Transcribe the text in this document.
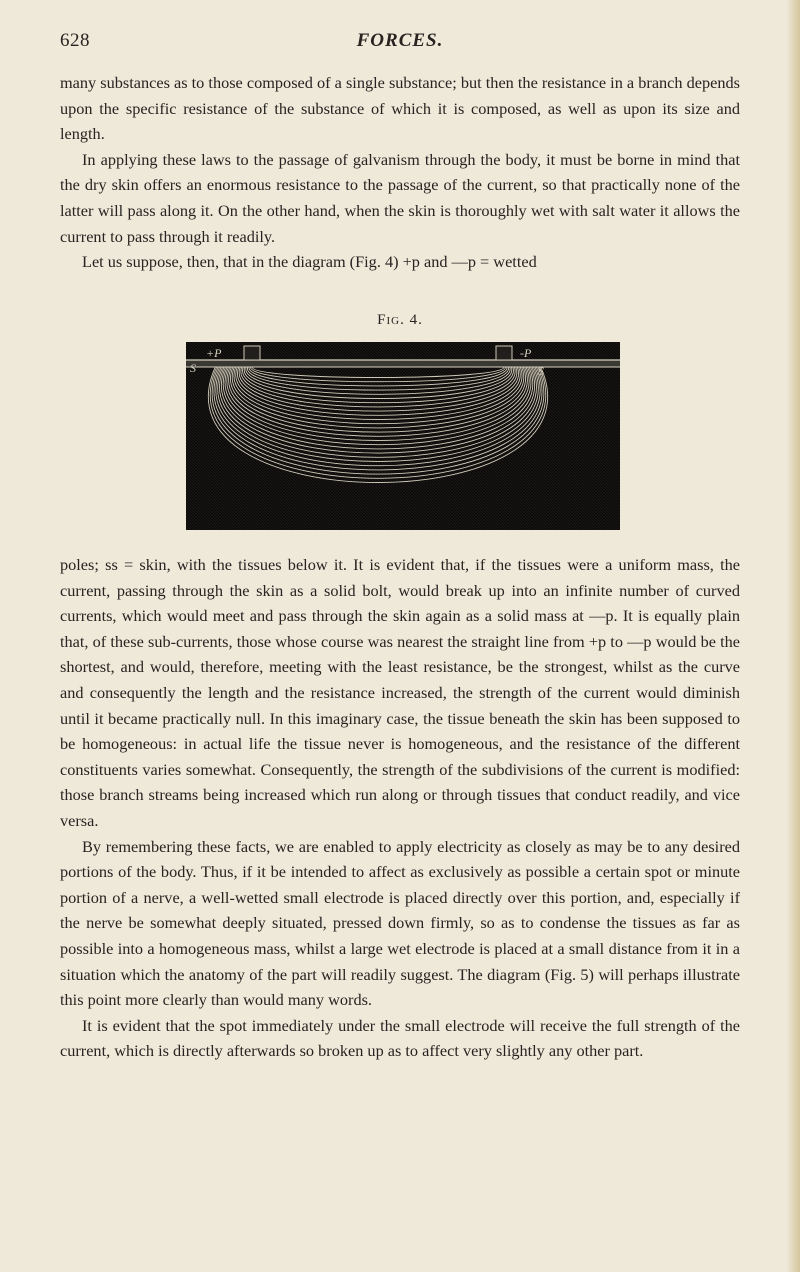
628	FORCES.

many substances as to those composed of a single substance; but then the resistance in a branch depends upon the specific resistance of the substance of which it is composed, as well as upon its size and length.

In applying these laws to the passage of galvanism through the body, it must be borne in mind that the dry skin offers an enormous resistance to the passage of the current, so that practically none of the latter will pass along it. On the other hand, when the skin is thoroughly wet with salt water it allows the current to pass through it readily.

Let us suppose, then, that in the diagram (Fig. 4) +p and —p = wetted

Fig. 4.
+P
S
-P
S

poles; ss = skin, with the tissues below it. It is evident that, if the tissues were a uniform mass, the current, passing through the skin as a solid bolt, would break up into an infinite number of curved currents, which would meet and pass through the skin again as a solid mass at —p. It is equally plain that, of these sub-currents, those whose course was nearest the straight line from +p to —p would be the shortest, and would, therefore, meeting with the least resistance, be the strongest, whilst as the curve and consequently the length and the resistance increased, the strength of the current would diminish until it became practically null. In this imaginary case, the tissue beneath the skin has been supposed to be homogeneous: in actual life the tissue never is homogeneous, and the resistance of the different constituents varies somewhat. Consequently, the strength of the subdivisions of the current is modified: those branch streams being increased which run along or through tissues that conduct readily, and vice versa.

By remembering these facts, we are enabled to apply electricity as closely as may be to any desired portions of the body. Thus, if it be intended to affect as exclusively as possible a certain spot or minute portion of a nerve, a well-wetted small electrode is placed directly over this portion, and, especially if the nerve be somewhat deeply situated, pressed down firmly, so as to condense the tissues as far as possible into a homogeneous mass, whilst a large wet electrode is placed at a small distance from it in a situation which the anatomy of the part will readily suggest. The diagram (Fig. 5) will perhaps illustrate this point more clearly than would many words.

It is evident that the spot immediately under the small electrode will receive the full strength of the current, which is directly afterwards so broken up as to affect very slightly any other part.
